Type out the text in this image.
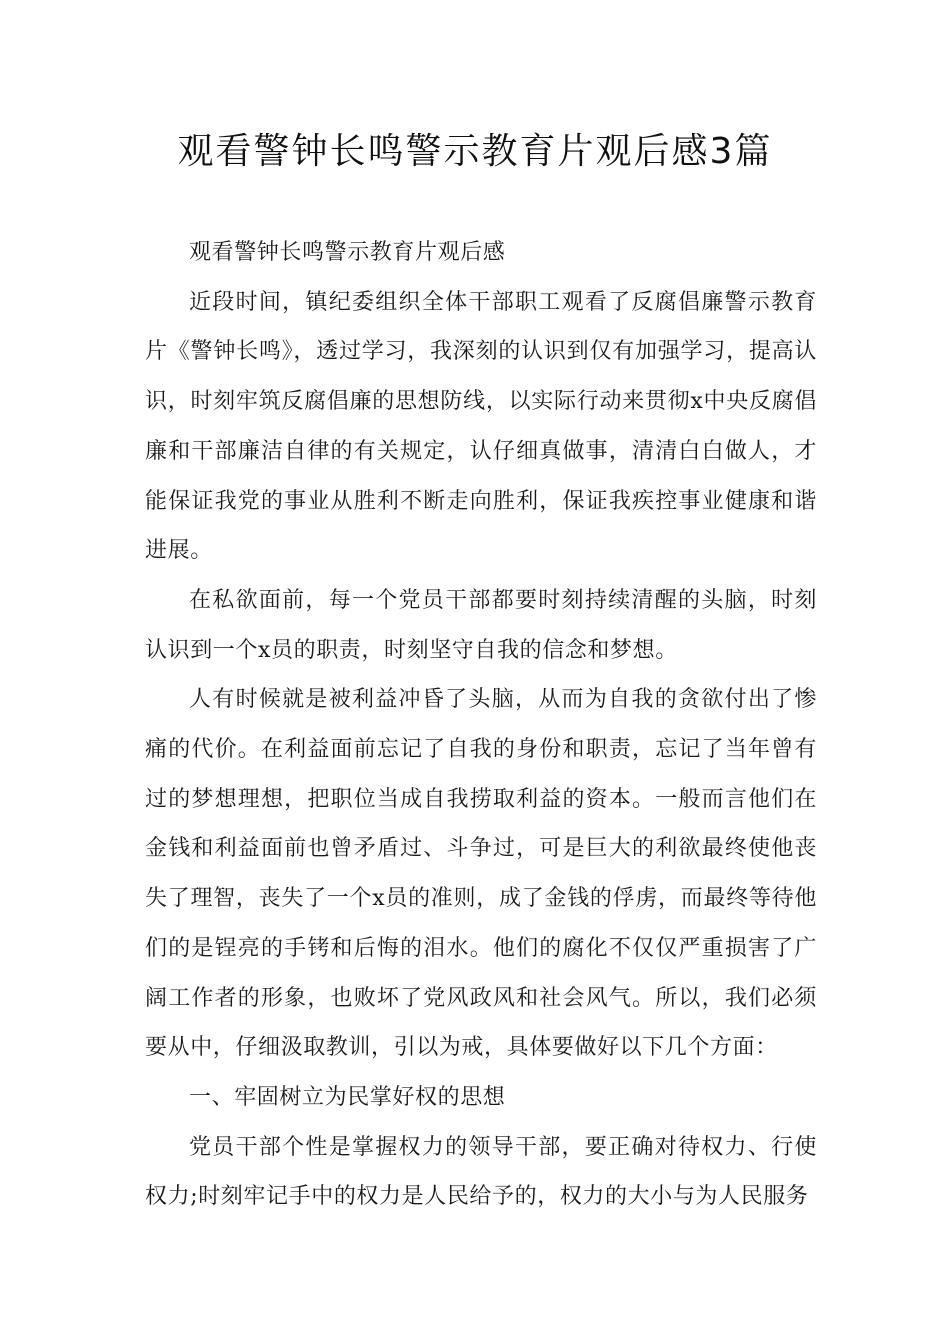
观看警钟长鸣警示教育片观后感3篇

观看警钟长鸣警示教育片观后感

近段时间，镇纪委组织全体干部职工观看了反腐倡廉警示教育片《警钟长鸣》，透过学习，我深刻的认识到仅有加强学习，提高认识，时刻牢筑反腐倡廉的思想防线，以实际行动来贯彻x中央反腐倡廉和干部廉洁自律的有关规定，认仔细真做事，清清白白做人，才能保证我党的事业从胜利不断走向胜利，保证我疾控事业健康和谐进展。

在私欲面前，每一个党员干部都要时刻持续清醒的头脑，时刻认识到一个x员的职责，时刻坚守自我的信念和梦想。

人有时候就是被利益冲昏了头脑，从而为自我的贪欲付出了惨痛的代价。在利益面前忘记了自我的身份和职责，忘记了当年曾有过的梦想理想，把职位当成自我捞取利益的资本。一般而言他们在金钱和利益面前也曾矛盾过、斗争过，可是巨大的利欲最终使他丧失了理智，丧失了一个x员的准则，成了金钱的俘虏，而最终等待他们的是锃亮的手铐和后悔的泪水。他们的腐化不仅仅严重损害了广阔工作者的形象，也败坏了党风政风和社会风气。所以，我们必须要从中，仔细汲取教训，引以为戒，具体要做好以下几个方面：

一、牢固树立为民掌好权的思想

党员干部个性是掌握权力的领导干部，要正确对待权力、行使权力;时刻牢记手中的权力是人民给予的，权力的大小与为人民服务
